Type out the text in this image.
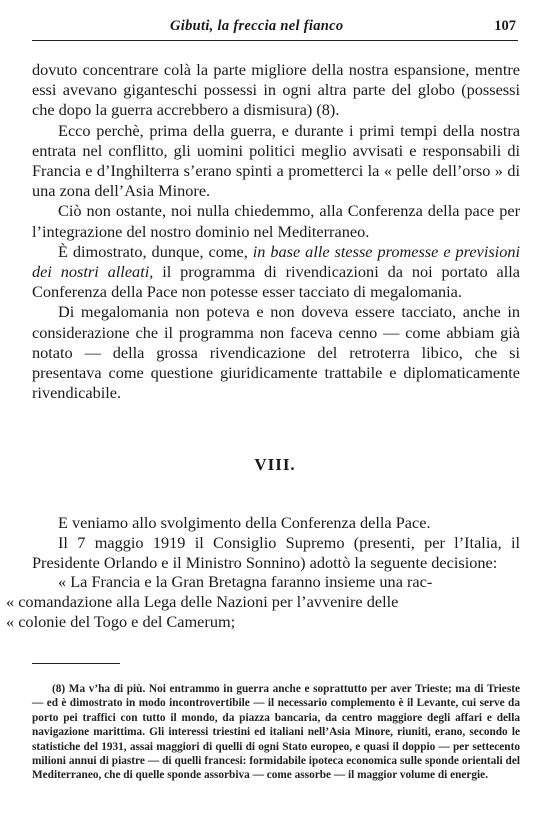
Gibuti, la freccia nel fianco	107

dovuto concentrare colà la parte migliore della nostra espansione, mentre essi avevano giganteschi possessi in ogni altra parte del globo (possessi che dopo la guerra accrebbero a dismisura) (8).

Ecco perchè, prima della guerra, e durante i primi tempi della nostra entrata nel conflitto, gli uomini politici meglio avvisati e responsabili di Francia e d’Inghilterra s’erano spinti a prometterci la « pelle dell’orso » di una zona dell’Asia Minore.

Ciò non ostante, noi nulla chiedemmo, alla Conferenza della pace per l’integrazione del nostro dominio nel Mediterraneo.

È dimostrato, dunque, come, in base alle stesse promesse e previsioni dei nostri alleati, il programma di rivendicazioni da noi portato alla Conferenza della Pace non potesse esser tacciato di megalomania.

Di megalomania non poteva e non doveva essere tacciato, anche in considerazione che il programma non faceva cenno — come abbiam già notato — della grossa rivendicazione del retroterra libico, che si presentava come questione giuridicamente trattabile e diplomaticamente rivendicabile.

VIII.

E veniamo allo svolgimento della Conferenza della Pace.

Il 7 maggio 1919 il Consiglio Supremo (presenti, per l’Italia, il Presidente Orlando e il Ministro Sonnino) adottò la seguente decisione:

« La Francia e la Gran Bretagna faranno insieme una rac-
« comandazione alla Lega delle Nazioni per l’avvenire delle
« colonie del Togo e del Camerum;

(8) Ma v’ha di più. Noi entrammo in guerra anche e soprattutto per aver Trieste; ma di Trieste — ed è dimostrato in modo incontrovertibile — il necessario complemento è il Levante, cui serve da porto pei traffici con tutto il mondo, da piazza bancaria, da centro maggiore degli affari e della navigazione marittima. Gli interessi triestini ed italiani nell’Asia Minore, riuniti, erano, secondo le statistiche del 1931, assai maggiori di quelli di ogni Stato europeo, e quasi il doppio — per settecento milioni annui di piastre — di quelli francesi: formidabile ipoteca economica sulle sponde orientali del Mediterraneo, che di quelle sponde assorbiva — come assorbe — il maggior volume di energie.
